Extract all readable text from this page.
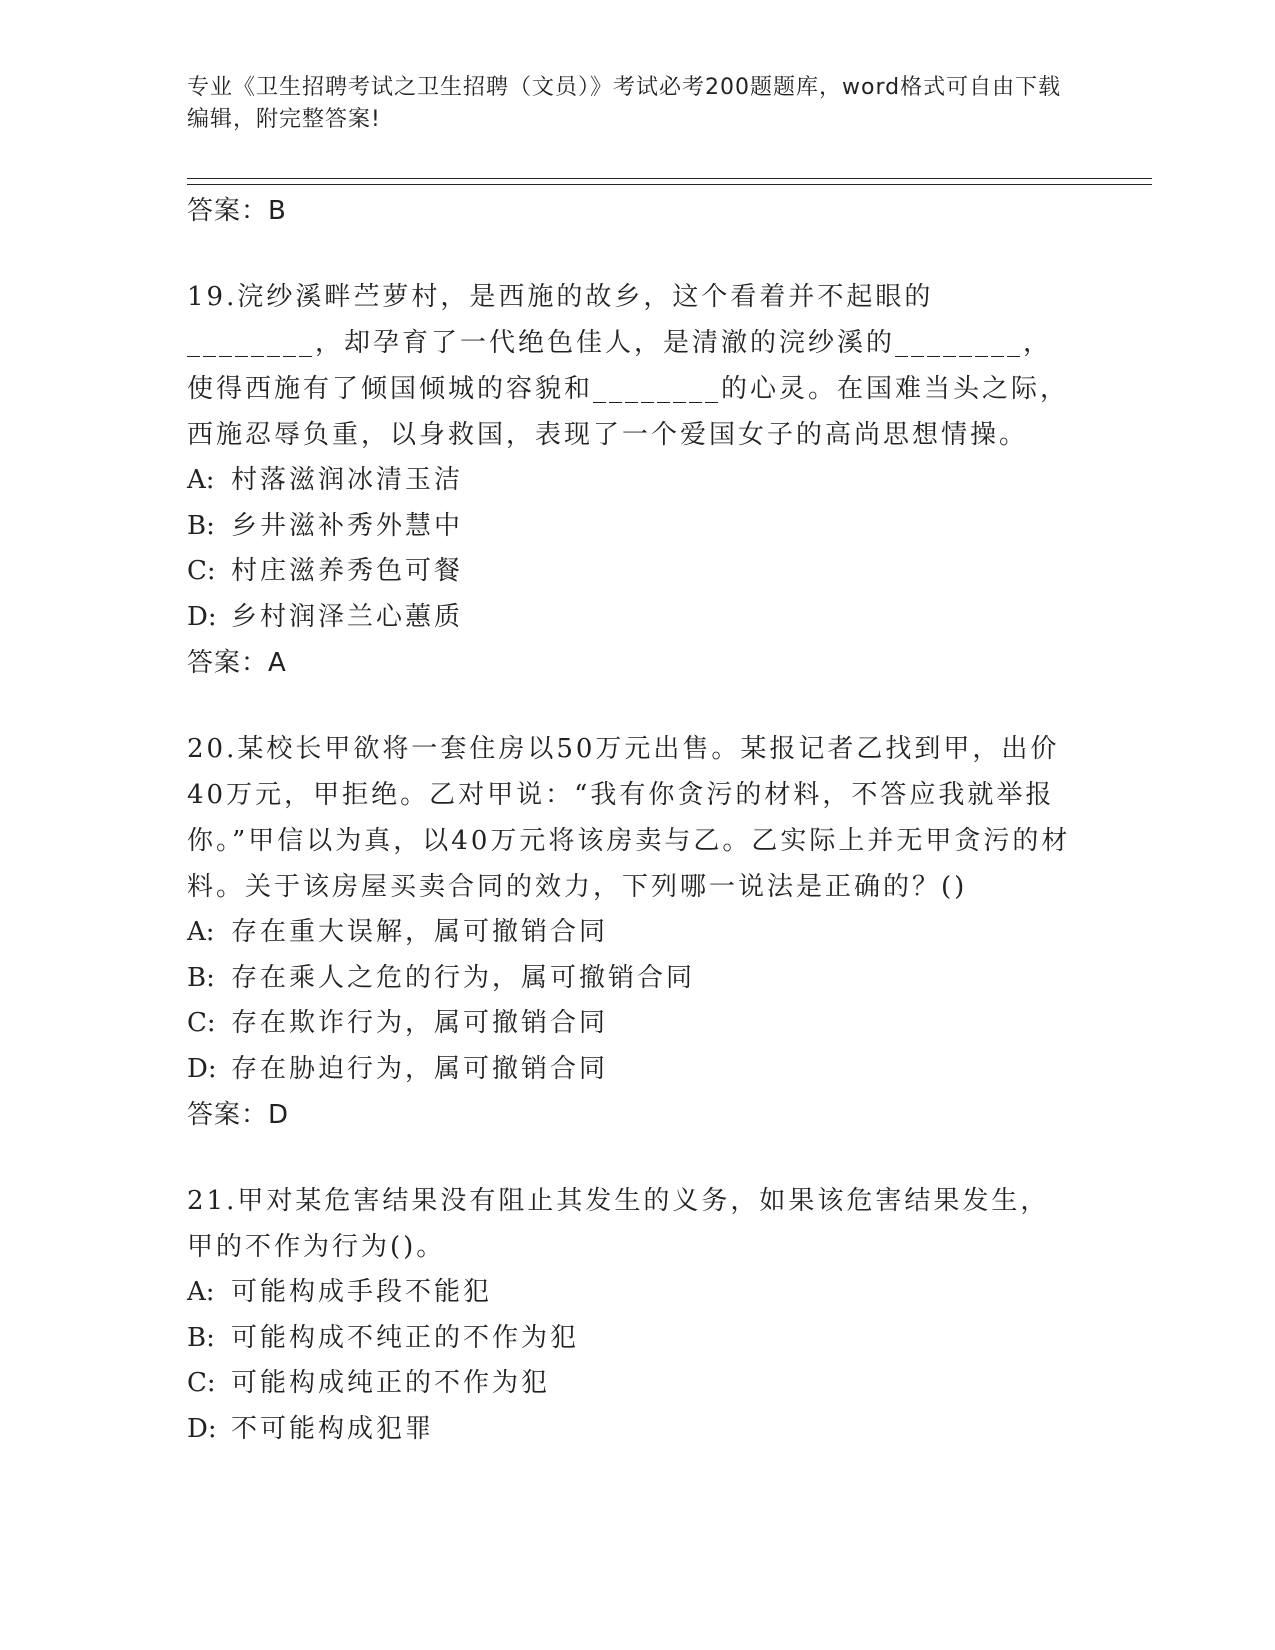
专业《卫生招聘考试之卫生招聘（文员）》考试必考200题题库，word格式可自由下载编辑，附完整答案!

答案：B

19.浣纱溪畔苎萝村，是西施的故乡，这个看着并不起眼的________，却孕育了一代绝色佳人，是清澈的浣纱溪的________，使得西施有了倾国倾城的容貌和________的心灵。在国难当头之际，西施忍辱负重，以身救国，表现了一个爱国女子的高尚思想情操。

A: 村落滋润冰清玉洁

B: 乡井滋补秀外慧中

C: 村庄滋养秀色可餐

D: 乡村润泽兰心蕙质

答案：A

20.某校长甲欲将一套住房以50万元出售。某报记者乙找到甲，出价40万元，甲拒绝。乙对甲说：“我有你贪污的材料，不答应我就举报你。”甲信以为真，以40万元将该房卖与乙。乙实际上并无甲贪污的材料。关于该房屋买卖合同的效力，下列哪一说法是正确的？()

A: 存在重大误解，属可撤销合同

B: 存在乘人之危的行为，属可撤销合同

C: 存在欺诈行为，属可撤销合同

D: 存在胁迫行为，属可撤销合同

答案：D

21.甲对某危害结果没有阻止其发生的义务，如果该危害结果发生，甲的不作为行为()。

A: 可能构成手段不能犯

B: 可能构成不纯正的不作为犯

C: 可能构成纯正的不作为犯

D: 不可能构成犯罪
